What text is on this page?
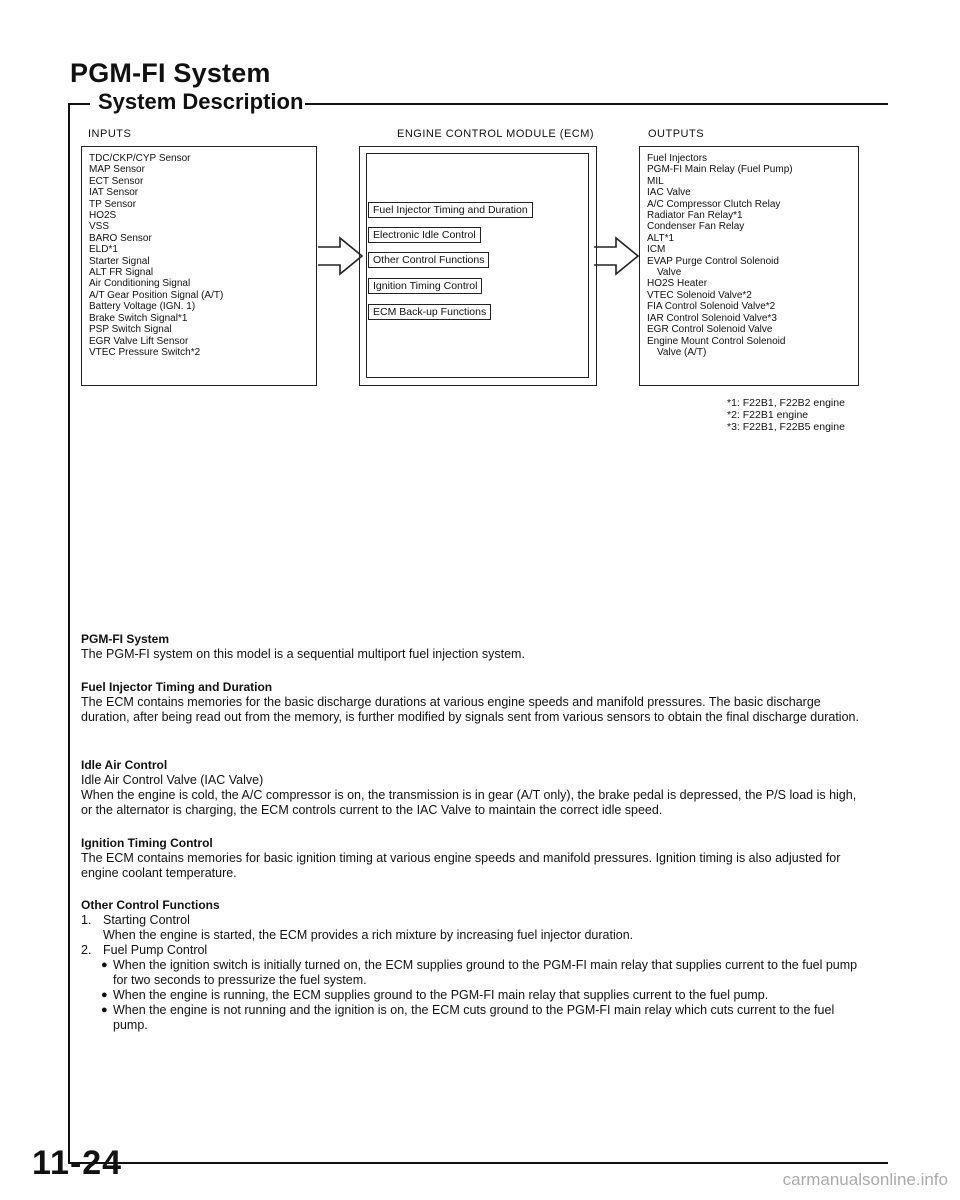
PGM-FI System
System Description
INPUTS	ENGINE CONTROL MODULE (ECM)	OUTPUTS
TDC/CKP/CYP Sensor
MAP Sensor
ECT Sensor
IAT Sensor
TP Sensor
HO2S
VSS
BARO Sensor
ELD*1
Starter Signal
ALT FR Signal
Air Conditioning Signal
A/T Gear Position Signal (A/T)
Battery Voltage (IGN. 1)
Brake Switch Signal*1
PSP Switch Signal
EGR Valve Lift Sensor
VTEC Pressure Switch*2
Fuel Injector Timing and Duration
Electronic Idle Control
Other Control Functions
Ignition Timing Control
ECM Back-up Functions
Fuel Injectors
PGM-FI Main Relay (Fuel Pump)
MIL
IAC Valve
A/C Compressor Clutch Relay
Radiator Fan Relay*1
Condenser Fan Relay
ALT*1
ICM
EVAP Purge Control Solenoid
Valve
HO2S Heater
VTEC Solenoid Valve*2
FIA Control Solenoid Valve*2
IAR Control Solenoid Valve*3
EGR Control Solenoid Valve
Engine Mount Control Solenoid
Valve (A/T)
*1: F22B1, F22B2 engine
*2: F22B1 engine
*3: F22B1, F22B5 engine
PGM-FI System

The PGM-FI system on this model is a sequential multiport fuel injection system.

Fuel Injector Timing and Duration

The ECM contains memories for the basic discharge durations at various engine speeds and manifold pressures. The basic discharge duration, after being read out from the memory, is further modified by signals sent from various sensors to obtain the final discharge duration.

Idle Air Control

Idle Air Control Valve (IAC Valve)

When the engine is cold, the A/C compressor is on, the transmission is in gear (A/T only), the brake pedal is depressed, the P/S load is high, or the alternator is charging, the ECM controls current to the IAC Valve to maintain the correct idle speed.

Ignition Timing Control

The ECM contains memories for basic ignition timing at various engine speeds and manifold pressures. Ignition timing is also adjusted for engine coolant temperature.

Other Control Functions
1. Starting Control
When the engine is started, the ECM provides a rich mixture by increasing fuel injector duration.
2. Fuel Pump Control
● When the ignition switch is initially turned on, the ECM supplies ground to the PGM-FI main relay that supplies current to the fuel pump for two seconds to pressurize the fuel system.
● When the engine is running, the ECM supplies ground to the PGM-FI main relay that supplies current to the fuel pump.
● When the engine is not running and the ignition is on, the ECM cuts ground to the PGM-FI main relay which cuts current to the fuel pump.
11-24	carmanualsonline.info
